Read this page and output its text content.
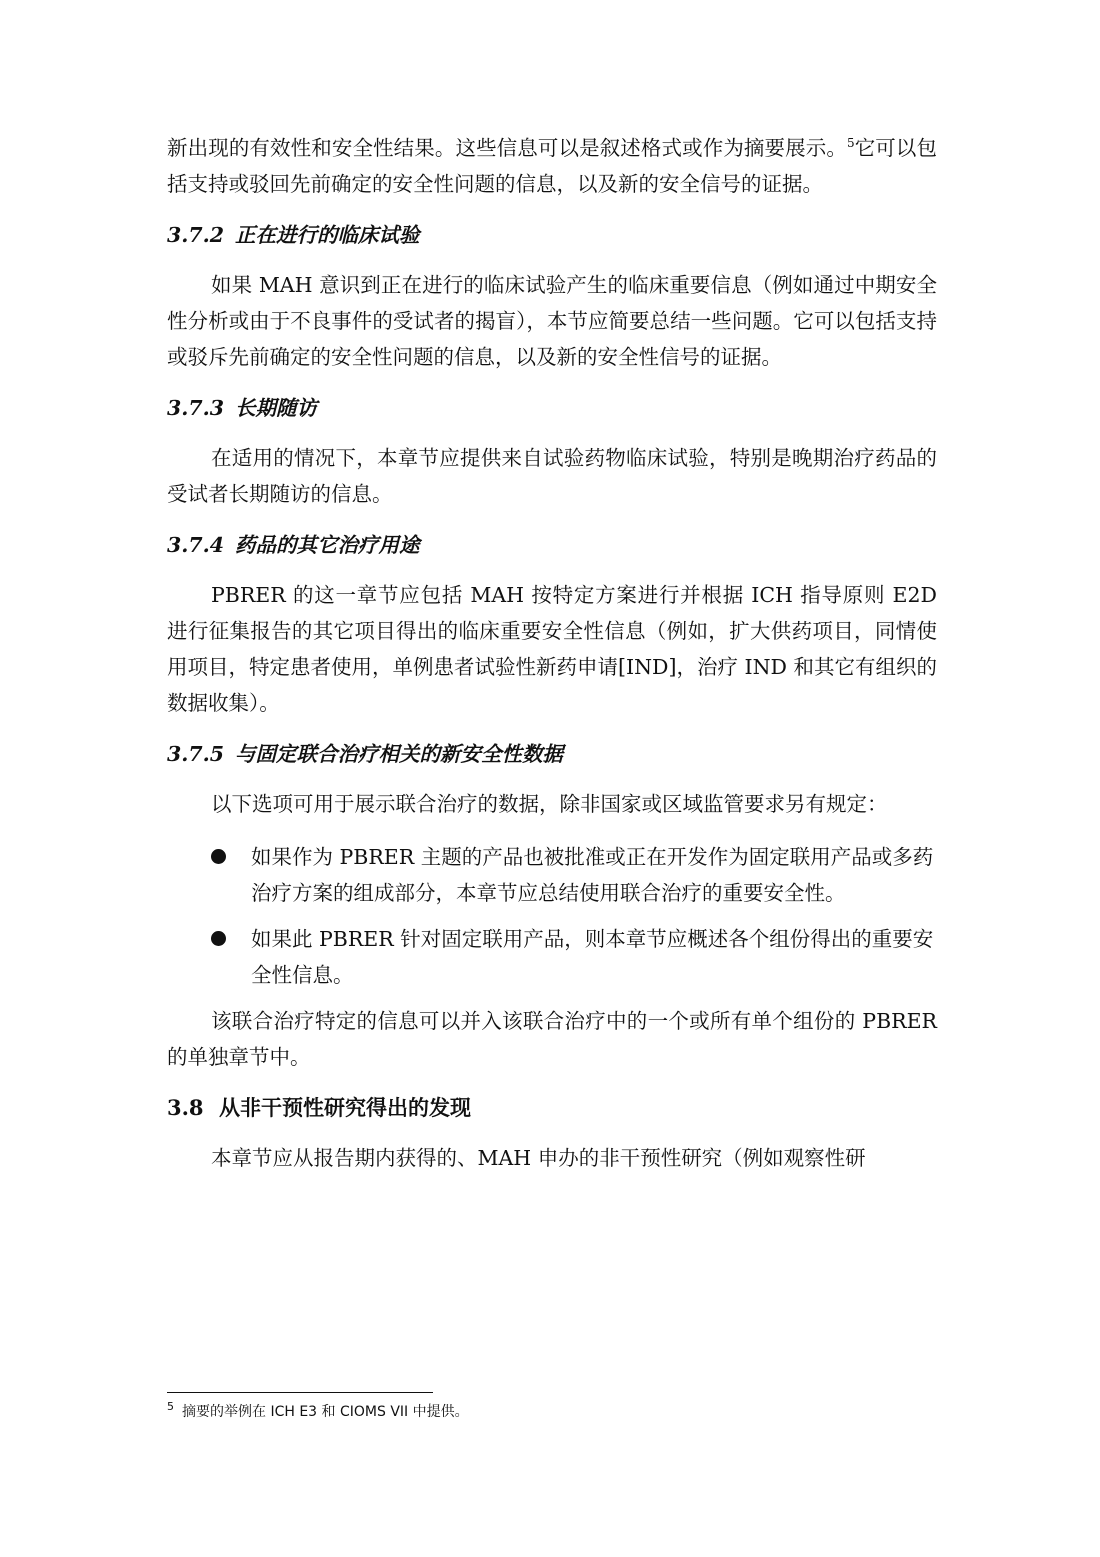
新出现的有效性和安全性结果。这些信息可以是叙述格式或作为摘要展示。$^5$它可以包括支持或驳回先前确定的安全性问题的信息，以及新的安全信号的证据。

3.7.2 正在进行的临床试验

如果 MAH 意识到正在进行的临床试验产生的临床重要信息（例如通过中期安全性分析或由于不良事件的受试者的揭盲），本节应简要总结一些问题。它可以包括支持或驳斥先前确定的安全性问题的信息，以及新的安全性信号的证据。

3.7.3 长期随访

在适用的情况下，本章节应提供来自试验药物临床试验，特别是晚期治疗药品的受试者长期随访的信息。

3.7.4 药品的其它治疗用途

PBRER 的这一章节应包括 MAH 按特定方案进行并根据 ICH 指导原则 E2D 进行征集报告的其它项目得出的临床重要安全性信息（例如，扩大供药项目，同情使用项目，特定患者使用，单例患者试验性新药申请[IND]，治疗 IND 和其它有组织的数据收集）。

3.7.5 与固定联合治疗相关的新安全性数据

以下选项可用于展示联合治疗的数据，除非国家或区域监管要求另有规定：

如果作为 PBRER 主题的产品也被批准或正在开发作为固定联用产品或多药治疗方案的组成部分，本章节应总结使用联合治疗的重要安全性。
如果此 PBRER 针对固定联用产品，则本章节应概述各个组份得出的重要安全性信息。

该联合治疗特定的信息可以并入该联合治疗中的一个或所有单个组份的 PBRER 的单独章节中。

3.8 从非干预性研究得出的发现

本章节应从报告期内获得的、MAH 申办的非干预性研究（例如观察性研

$^5$ 摘要的举例在 ICH E3 和 CIOMS VII 中提供。
